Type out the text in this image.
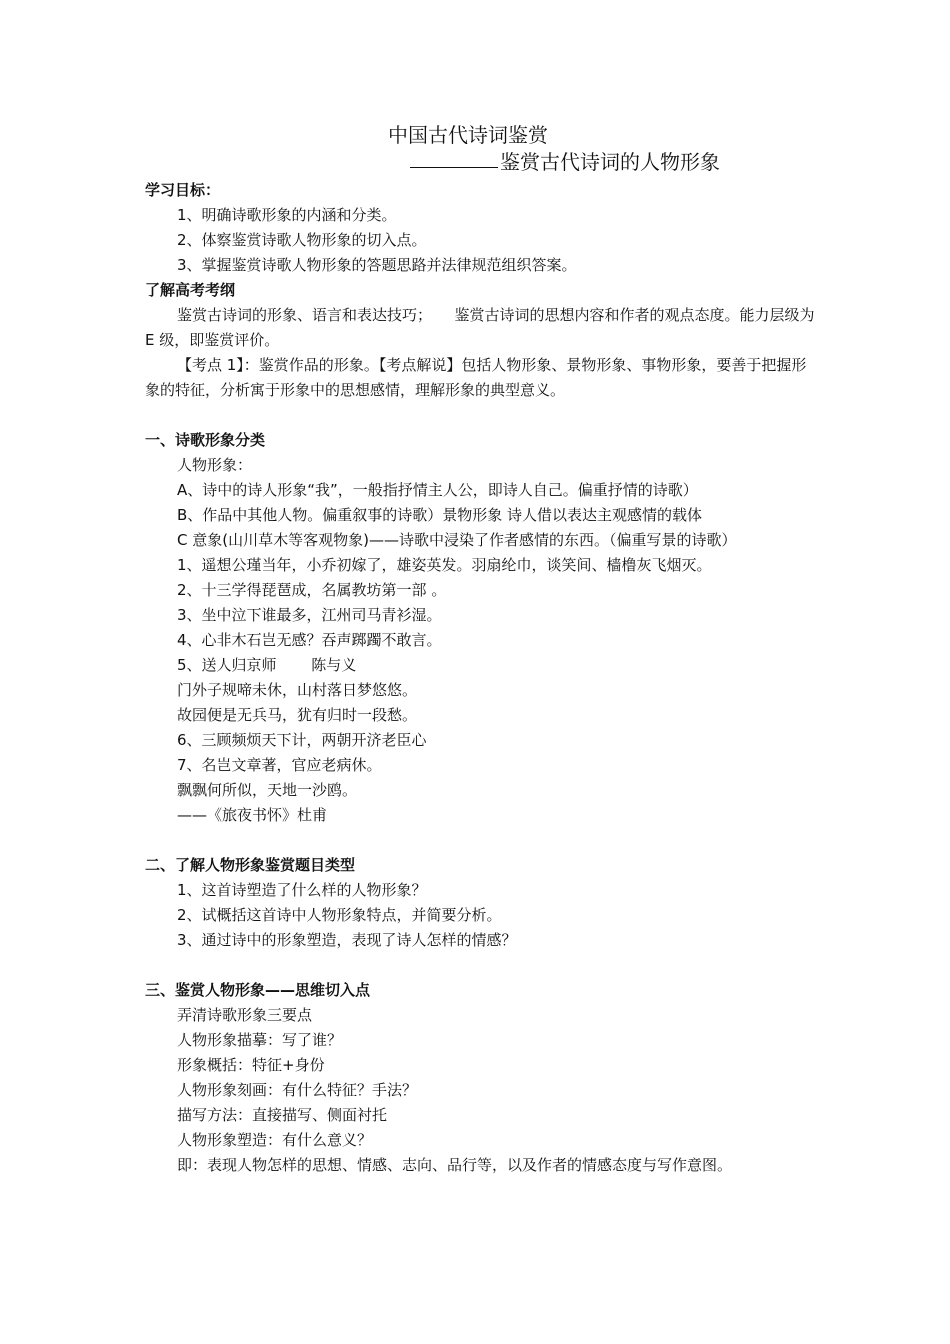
中国古代诗词鉴赏
鉴赏古代诗词的人物形象
学习目标：
1、明确诗歌形象的内涵和分类。
2、体察鉴赏诗歌人物形象的切入点。
3、掌握鉴赏诗歌人物形象的答题思路并法律规范组织答案。
了解高考考纲
鉴赏古诗词的形象、语言和表达技巧；　　鉴赏古诗词的思想内容和作者的观点态度。能力层级为 E 级，即鉴赏评价。
【考点 1】：鉴赏作品的形象。【考点解说】包括人物形象、景物形象、事物形象，要善于把握形象的特征，分析寓于形象中的思想感情，理解形象的典型意义。
一、诗歌形象分类
人物形象：
A、诗中的诗人形象“我”，一般指抒情主人公，即诗人自己。偏重抒情的诗歌）
B、作品中其他人物。偏重叙事的诗歌）景物形象 诗人借以表达主观感情的载体
C 意象(山川草木等客观物象)——诗歌中浸染了作者感情的东西。（偏重写景的诗歌）
1、遥想公瑾当年，小乔初嫁了，雄姿英发。羽扇纶巾，谈笑间、樯橹灰飞烟灭。
2、十三学得琵琶成，名属教坊第一部 。
3、坐中泣下谁最多，江州司马青衫湿。
4、心非木石岂无感？吞声踯躅不敢言。
5、送人归京师　　 陈与义
门外子规啼未休，山村落日梦悠悠。
故园便是无兵马，犹有归时一段愁。
6、三顾频烦天下计，两朝开济老臣心
7、名岂文章著，官应老病休。
飘飘何所似，天地一沙鸥。
——《旅夜书怀》杜甫
二、了解人物形象鉴赏题目类型
1、这首诗塑造了什么样的人物形象？
2、试概括这首诗中人物形象特点，并简要分析。
3、通过诗中的形象塑造，表现了诗人怎样的情感？
三、鉴赏人物形象——思维切入点
弄清诗歌形象三要点
人物形象描摹：写了谁？
形象概括：特征+身份
人物形象刻画：有什么特征？手法？
描写方法：直接描写、侧面衬托
人物形象塑造：有什么意义？
即：表现人物怎样的思想、情感、志向、品行等，以及作者的情感态度与写作意图。
